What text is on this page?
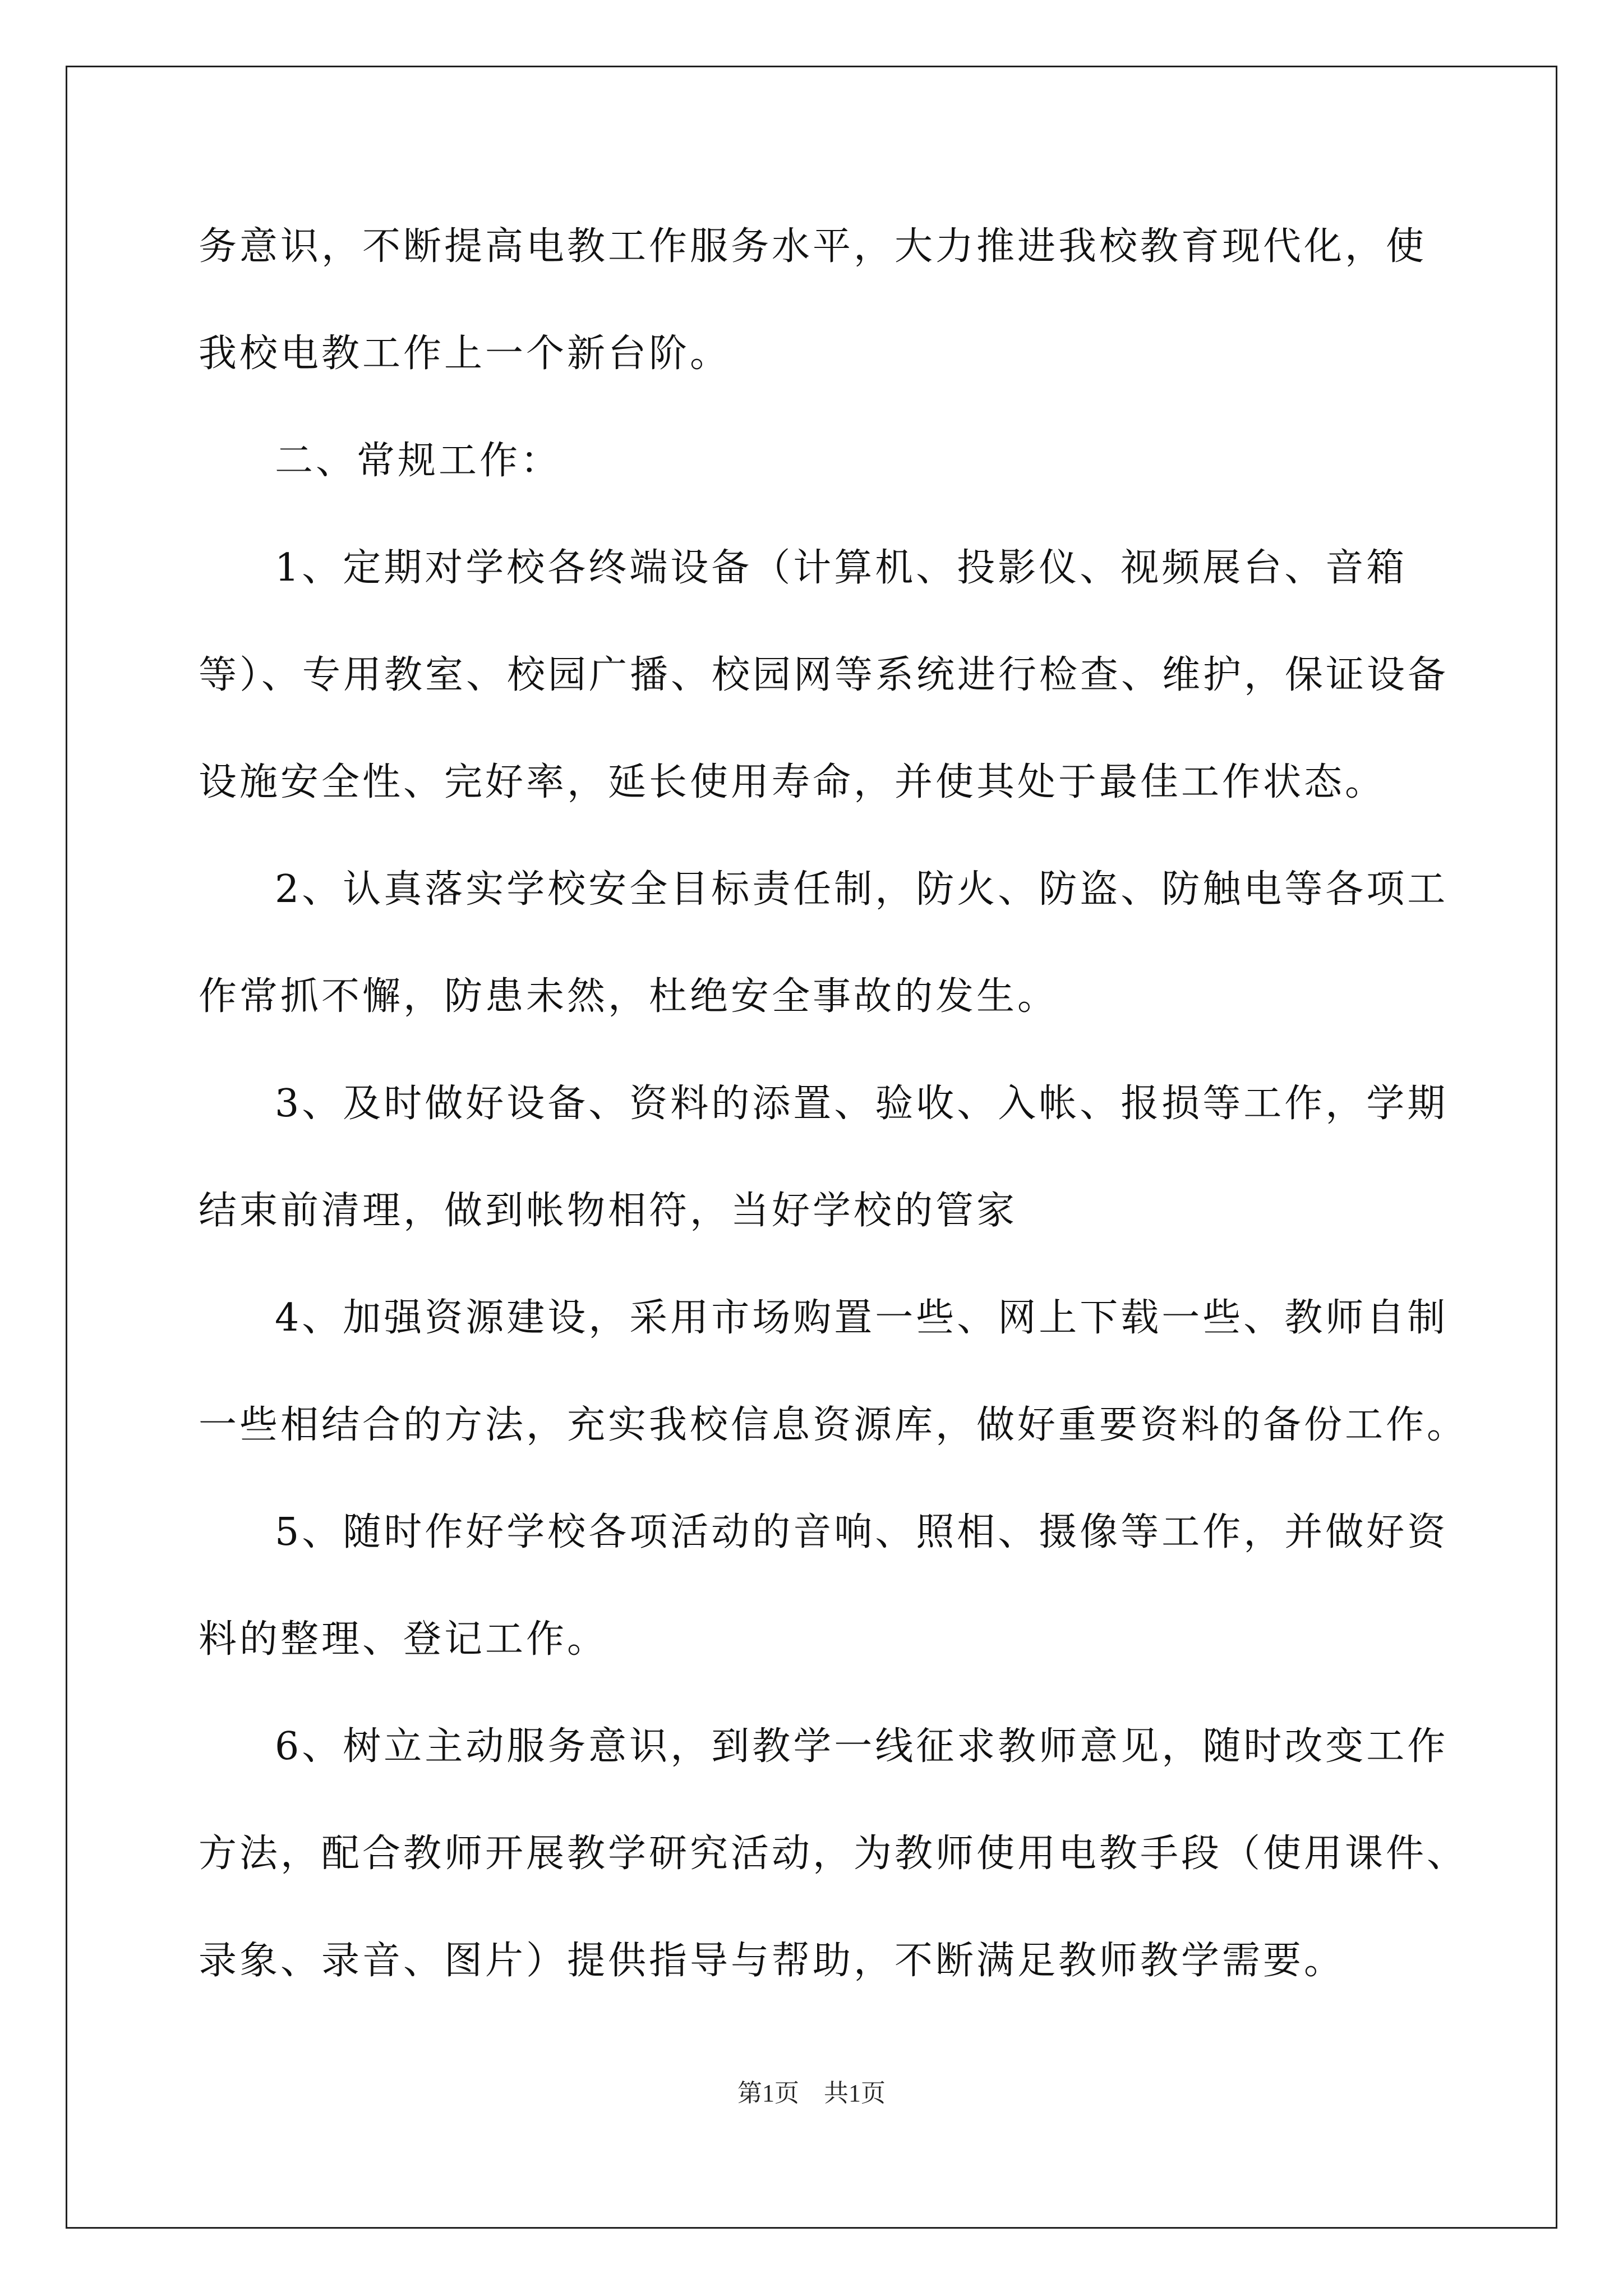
务意识，不断提高电教工作服务水平，大力推进我校教育现代化，使
我校电教工作上一个新台阶。
二、常规工作：
1、定期对学校各终端设备（计算机、投影仪、视频展台、音箱
等）、专用教室、校园广播、校园网等系统进行检查、维护，保证设备
设施安全性、完好率，延长使用寿命，并使其处于最佳工作状态。
2、认真落实学校安全目标责任制，防火、防盗、防触电等各项工
作常抓不懈，防患未然，杜绝安全事故的发生。
3、及时做好设备、资料的添置、验收、入帐、报损等工作，学期
结束前清理，做到帐物相符，当好学校的管家
4、加强资源建设，采用市场购置一些、网上下载一些、教师自制
一些相结合的方法，充实我校信息资源库，做好重要资料的备份工作。
5、随时作好学校各项活动的音响、照相、摄像等工作，并做好资
料的整理、登记工作。
6、树立主动服务意识，到教学一线征求教师意见，随时改变工作
方法，配合教师开展教学研究活动，为教师使用电教手段（使用课件、
录象、录音、图片）提供指导与帮助，不断满足教师教学需要。
第1页　共1页
